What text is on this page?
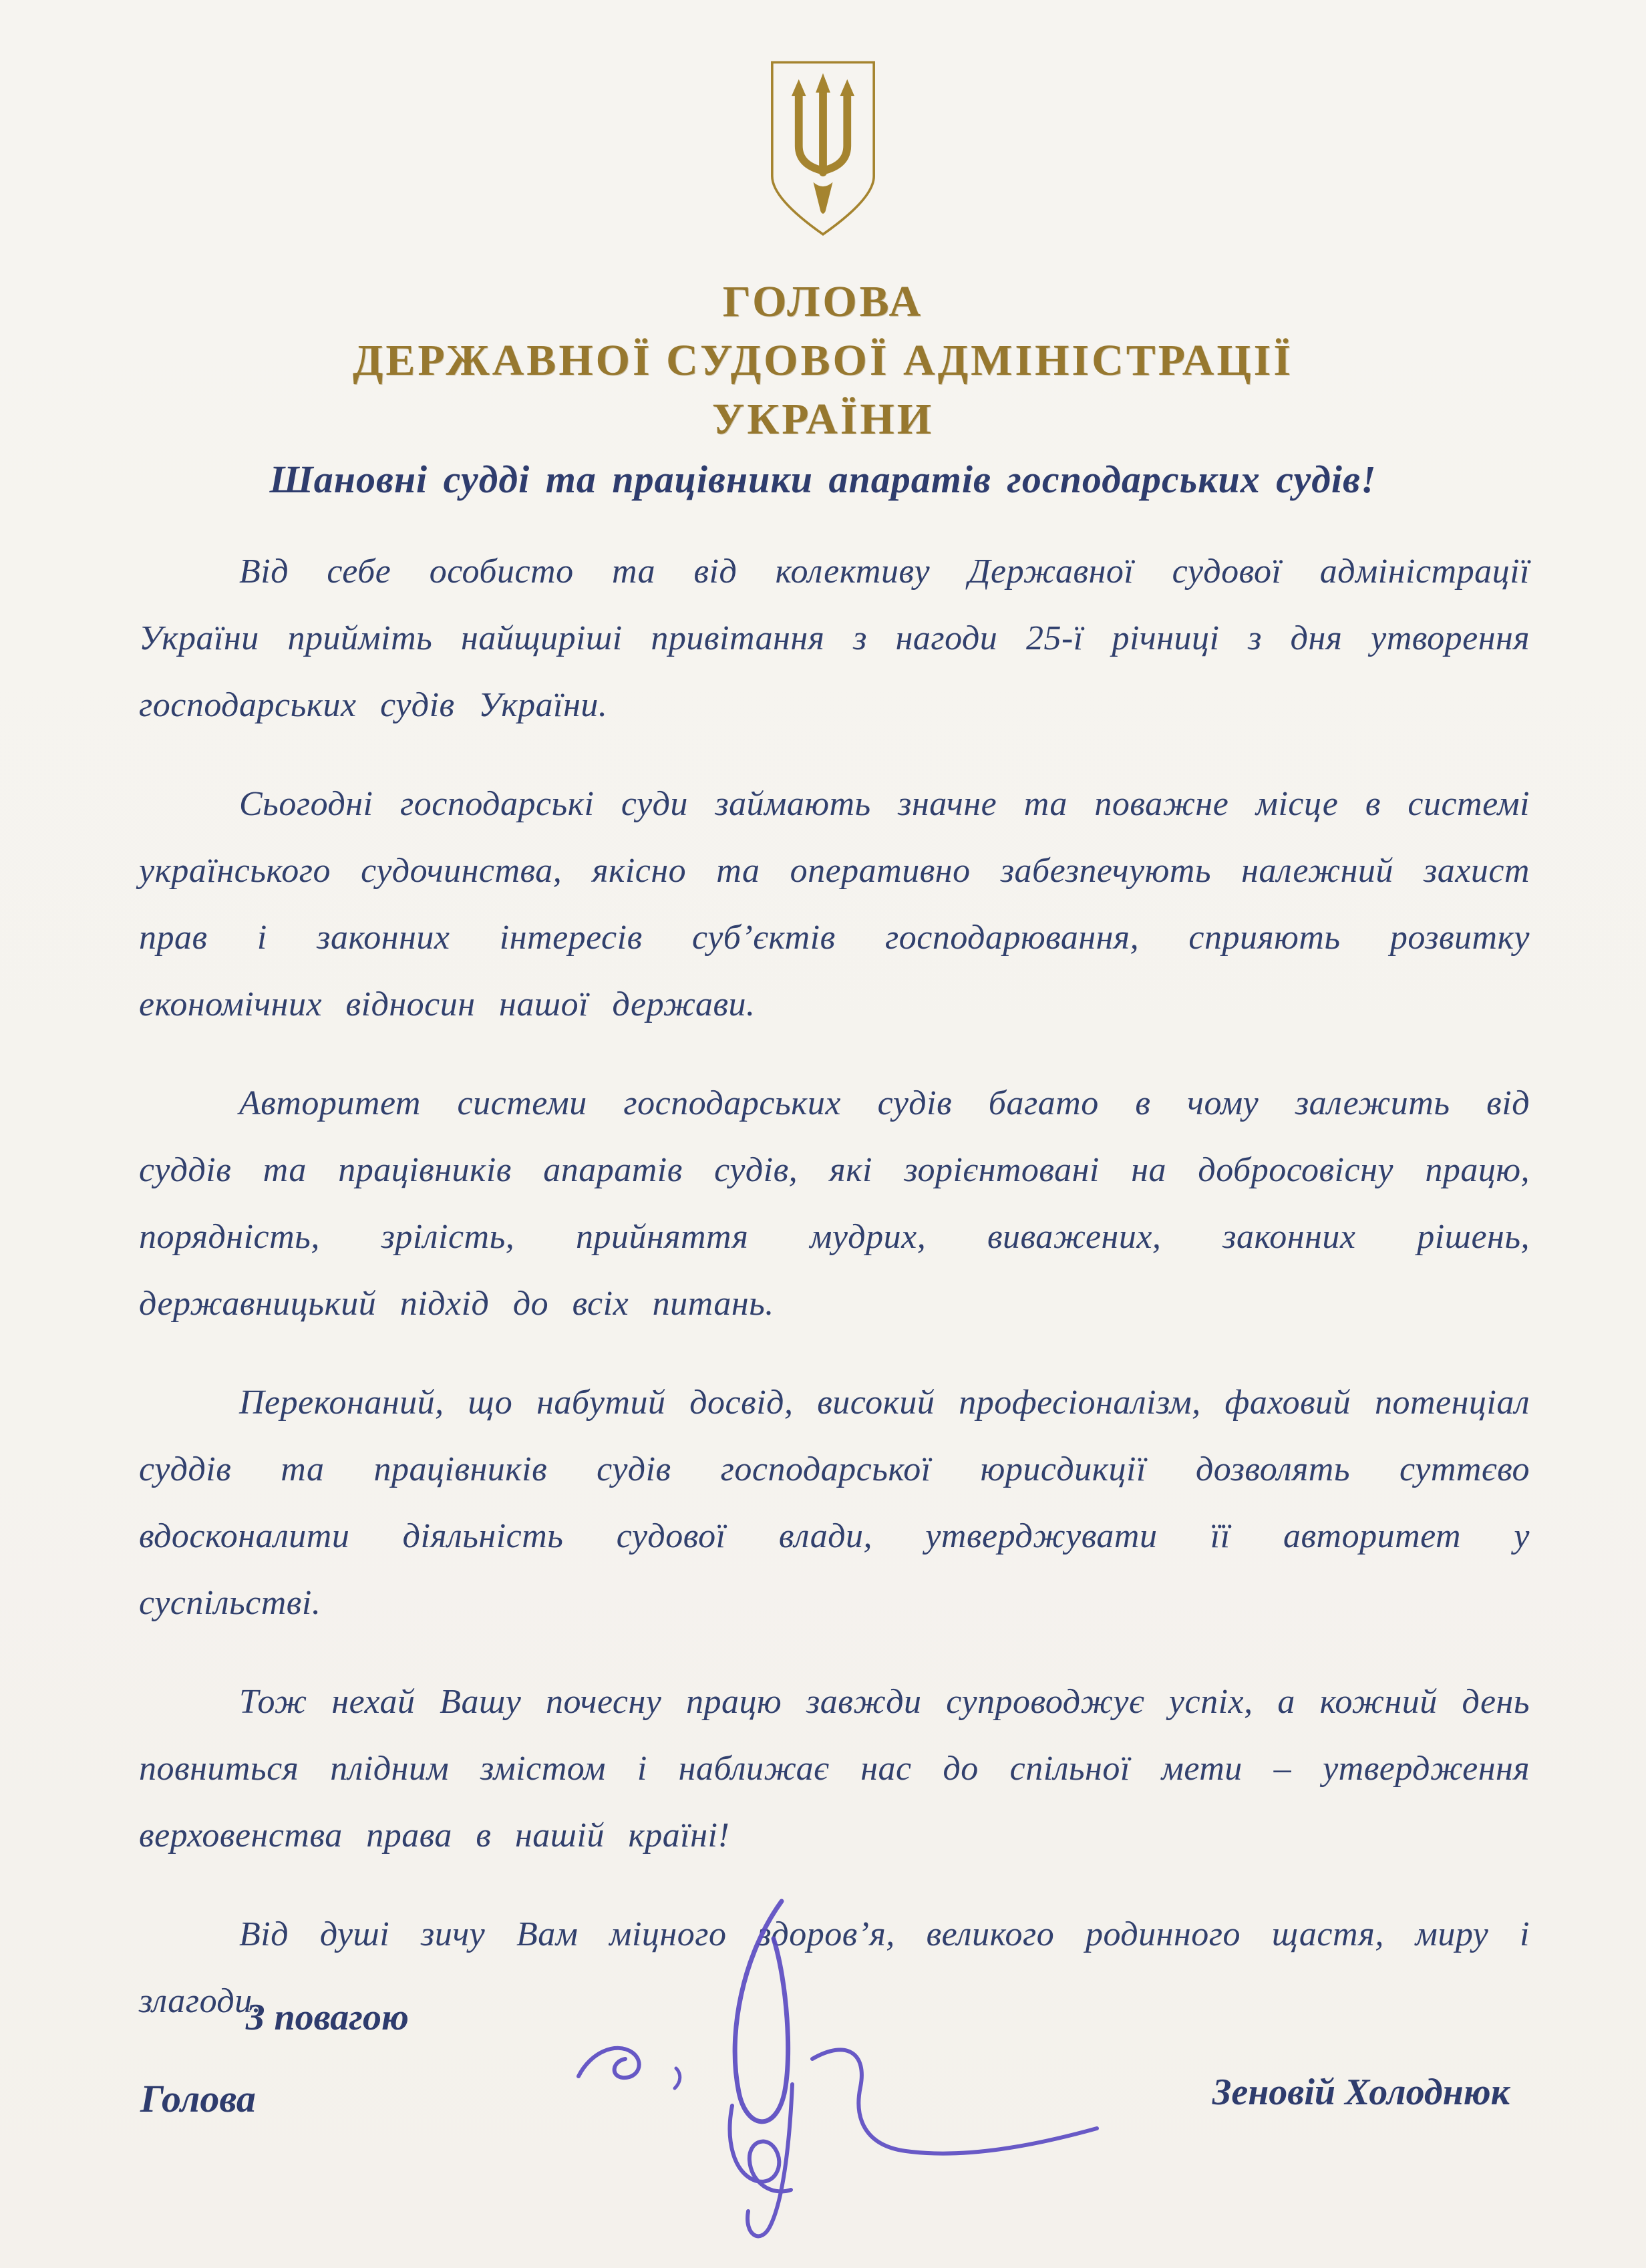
ГОЛОВА
ДЕРЖАВНОЇ СУДОВОЇ АДМІНІСТРАЦІЇ
УКРАЇНИ
Шановні судді та працівники апаратів господарських судів!

Від себе особисто та від колективу Державної судової адміністрації України прийміть найщиріші привітання з нагоди 25-ї річниці з дня утворення господарських судів України.

Сьогодні господарські суди займають значне та поважне місце в системі українського судочинства, якісно та оперативно забезпечують належний захист прав і законних інтересів суб’єктів господарювання, сприяють розвитку економічних відносин нашої держави.

Авторитет системи господарських судів багато в чому залежить від суддів та працівників апаратів судів, які зорієнтовані на добросовісну працю, порядність, зрілість, прийняття мудрих, виважених, законних рішень, державницький підхід до всіх питань.

Переконаний, що набутий досвід, високий професіоналізм, фаховий потенціал суддів та працівників судів господарської юрисдикції дозволять суттєво вдосконалити діяльність судової влади, утверджувати її авторитет у суспільстві.

Тож нехай Вашу почесну працю завжди супроводжує успіх, а кожний день повниться плідним змістом і наближає нас до спільної мети – утвердження верховенства права в нашій країні!

Від душі зичу Вам міцного здоров’я, великого родинного щастя, миру і злагоди.

З повагою
Голова	Зеновій Холоднюк
